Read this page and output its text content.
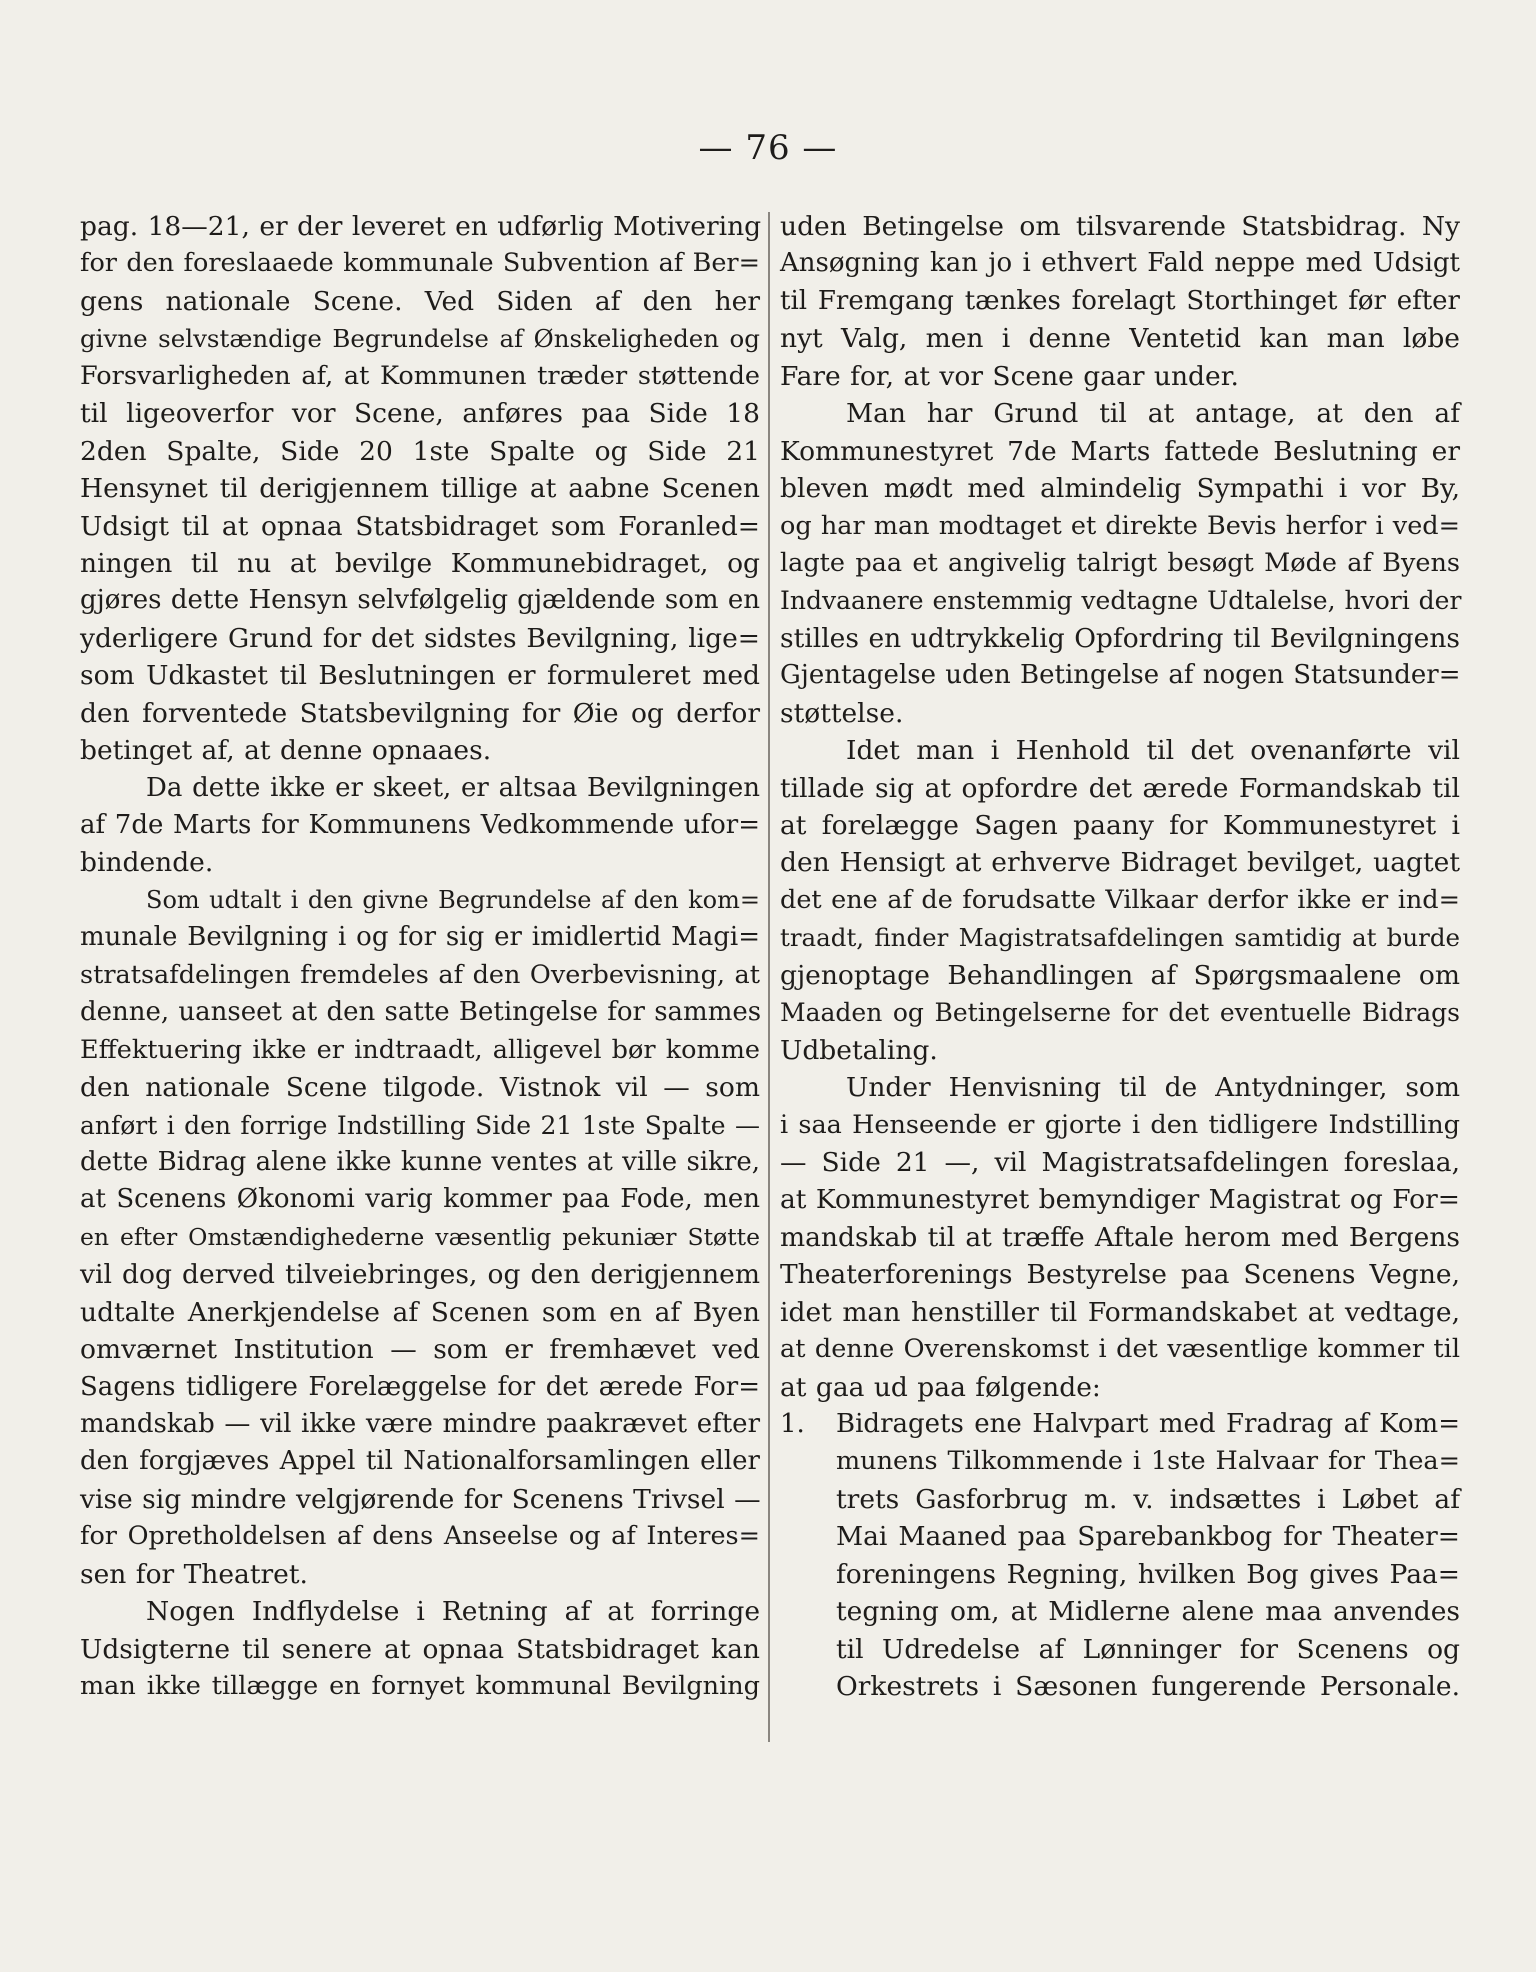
— 76 —
pag. 18—21, er der leveret en udførlig Motivering
for den foreslaaede kommunale Subvention af Ber=
gens nationale Scene. Ved Siden af den her
givne selvstændige Begrundelse af Ønskeligheden og
Forsvarligheden af, at Kommunen træder støttende
til ligeoverfor vor Scene, anføres paa Side 18
2den Spalte, Side 20 1ste Spalte og Side 21
Hensynet til derigjennem tillige at aabne Scenen
Udsigt til at opnaa Statsbidraget som Foranled=
ningen til nu at bevilge Kommunebidraget, og
gjøres dette Hensyn selvfølgelig gjældende som en
yderligere Grund for det sidstes Bevilgning, lige=
som Udkastet til Beslutningen er formuleret med
den forventede Statsbevilgning for Øie og derfor
betinget af, at denne opnaaes.
Da dette ikke er skeet, er altsaa Bevilgningen
af 7de Marts for Kommunens Vedkommende ufor=
bindende.
Som udtalt i den givne Begrundelse af den kom=
munale Bevilgning i og for sig er imidlertid Magi=
stratsafdelingen fremdeles af den Overbevisning, at
denne, uanseet at den satte Betingelse for sammes
Effektuering ikke er indtraadt, alligevel bør komme
den nationale Scene tilgode. Vistnok vil — som
anført i den forrige Indstilling Side 21 1ste Spalte —
dette Bidrag alene ikke kunne ventes at ville sikre,
at Scenens Økonomi varig kommer paa Fode, men
en efter Omstændighederne væsentlig pekuniær Støtte
vil dog derved tilveiebringes, og den derigjennem
udtalte Anerkjendelse af Scenen som en af Byen
omværnet Institution — som er fremhævet ved
Sagens tidligere Forelæggelse for det ærede For=
mandskab — vil ikke være mindre paakrævet efter
den forgjæves Appel til Nationalforsamlingen eller
vise sig mindre velgjørende for Scenens Trivsel —
for Opretholdelsen af dens Anseelse og af Interes=
sen for Theatret.
Nogen Indflydelse i Retning af at forringe
Udsigterne til senere at opnaa Statsbidraget kan
man ikke tillægge en fornyet kommunal Bevilgning
uden Betingelse om tilsvarende Statsbidrag. Ny
Ansøgning kan jo i ethvert Fald neppe med Udsigt
til Fremgang tænkes forelagt Storthinget før efter
nyt Valg, men i denne Ventetid kan man løbe
Fare for, at vor Scene gaar under.
Man har Grund til at antage, at den af
Kommunestyret 7de Marts fattede Beslutning er
bleven mødt med almindelig Sympathi i vor By,
og har man modtaget et direkte Bevis herfor i ved=
lagte paa et angivelig talrigt besøgt Møde af Byens
Indvaanere enstemmig vedtagne Udtalelse, hvori der
stilles en udtrykkelig Opfordring til Bevilgningens
Gjentagelse uden Betingelse af nogen Statsunder=
støttelse.
Idet man i Henhold til det ovenanførte vil
tillade sig at opfordre det ærede Formandskab til
at forelægge Sagen paany for Kommunestyret i
den Hensigt at erhverve Bidraget bevilget, uagtet
det ene af de forudsatte Vilkaar derfor ikke er ind=
traadt, finder Magistratsafdelingen samtidig at burde
gjenoptage Behandlingen af Spørgsmaalene om
Maaden og Betingelserne for det eventuelle Bidrags
Udbetaling.
Under Henvisning til de Antydninger, som
i saa Henseende er gjorte i den tidligere Indstilling
— Side 21 —, vil Magistratsafdelingen foreslaa,
at Kommunestyret bemyndiger Magistrat og For=
mandskab til at træffe Aftale herom med Bergens
Theaterforenings Bestyrelse paa Scenens Vegne,
idet man henstiller til Formandskabet at vedtage,
at denne Overenskomst i det væsentlige kommer til
at gaa ud paa følgende:
1. Bidragets ene Halvpart med Fradrag af Kom=
munens Tilkommende i 1ste Halvaar for Thea=
trets Gasforbrug m. v. indsættes i Løbet af
Mai Maaned paa Sparebankbog for Theater=
foreningens Regning, hvilken Bog gives Paa=
tegning om, at Midlerne alene maa anvendes
til Udredelse af Lønninger for Scenens og
Orkestrets i Sæsonen fungerende Personale.
